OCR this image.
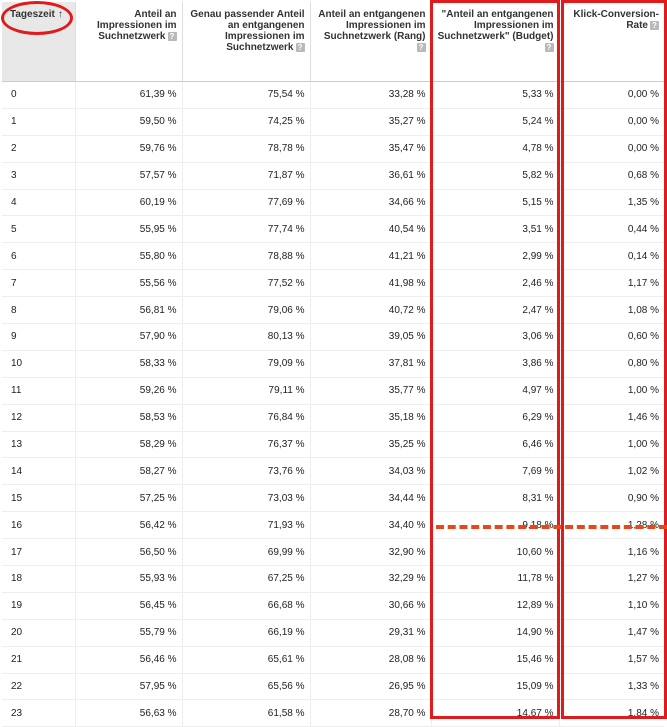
Tageszeit ↑	Anteil an Impressionen im Suchnetzwerk ?	Genau passender Anteil an entgangenen Impressionen im Suchnetzwerk ?	Anteil an entgangenen Impressionen im Suchnetzwerk (Rang)?	"Anteil an entgangenen Impressionen im Suchnetzwerk" (Budget)?	Klick-Conversion-Rate ?
0	61,39 %	75,54 %	33,28 %	5,33 %	0,00 %
1	59,50 %	74,25 %	35,27 %	5,24 %	0,00 %
2	59,76 %	78,78 %	35,47 %	4,78 %	0,00 %
3	57,57 %	71,87 %	36,61 %	5,82 %	0,68 %
4	60,19 %	77,69 %	34,66 %	5,15 %	1,35 %
5	55,95 %	77,74 %	40,54 %	3,51 %	0,44 %
6	55,80 %	78,88 %	41,21 %	2,99 %	0,14 %
7	55,56 %	77,52 %	41,98 %	2,46 %	1,17 %
8	56,81 %	79,06 %	40,72 %	2,47 %	1,08 %
9	57,90 %	80,13 %	39,05 %	3,06 %	0,60 %
10	58,33 %	79,09 %	37,81 %	3,86 %	0,80 %
11	59,26 %	79,11 %	35,77 %	4,97 %	1,00 %
12	58,53 %	76,84 %	35,18 %	6,29 %	1,46 %
13	58,29 %	76,37 %	35,25 %	6,46 %	1,00 %
14	58,27 %	73,76 %	34,03 %	7,69 %	1,02 %
15	57,25 %	73,03 %	34,44 %	8,31 %	0,90 %
16	56,42 %	71,93 %	34,40 %	9,18 %	1,28 %
17	56,50 %	69,99 %	32,90 %	10,60 %	1,16 %
18	55,93 %	67,25 %	32,29 %	11,78 %	1,27 %
19	56,45 %	66,68 %	30,66 %	12,89 %	1,10 %
20	55,79 %	66,19 %	29,31 %	14,90 %	1,47 %
21	56,46 %	65,61 %	28,08 %	15,46 %	1,57 %
22	57,95 %	65,56 %	26,95 %	15,09 %	1,33 %
23	56,63 %	61,58 %	28,70 %	14,67 %	1,84 %
